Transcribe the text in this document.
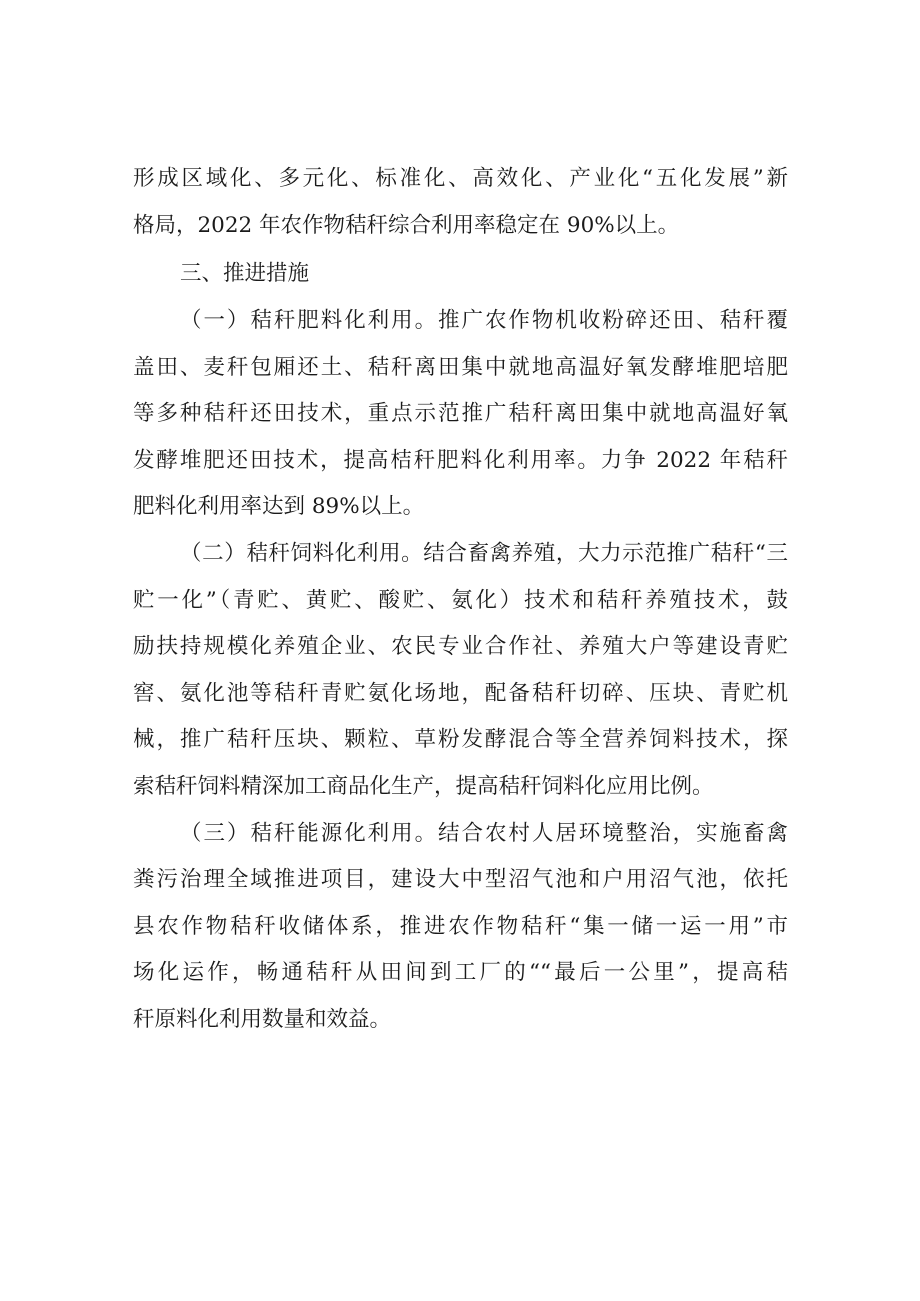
形成区域化、多元化、标准化、高效化、产业化“五化发展”新
格局，2022 年农作物秸秆综合利用率稳定在 90%以上。
三、推进措施
（一）秸秆肥料化利用。推广农作物机收粉碎还田、秸秆覆
盖田、麦秆包厢还土、秸秆离田集中就地高温好氧发酵堆肥培肥
等多种秸秆还田技术，重点示范推广秸秆离田集中就地高温好氧
发酵堆肥还田技术，提高桔秆肥料化利用率。力争 2022 年秸秆
肥料化利用率达到 89%以上。
（二）秸秆饲料化利用。结合畜禽养殖，大力示范推广秸秆“三
贮一化”（青贮、黄贮、酸贮、氨化）技术和秸秆养殖技术，鼓
励扶持规模化养殖企业、农民专业合作社、养殖大户等建设青贮
窖、氨化池等秸秆青贮氨化场地，配备秸秆切碎、压块、青贮机
械，推广秸秆压块、颗粒、草粉发酵混合等全营养饲料技术，探
索秸秆饲料精深加工商品化生产，提高秸秆饲料化应用比例。
（三）秸秆能源化利用。结合农村人居环境整治，实施畜禽
粪污治理全域推进项目，建设大中型沼气池和户用沼气池，依托
县农作物秸秆收储体系，推进农作物秸秆“集一储一运一用”市
场化运作，畅通秸秆从田间到工厂的““最后一公里”，提高秸
秆原料化利用数量和效益。
